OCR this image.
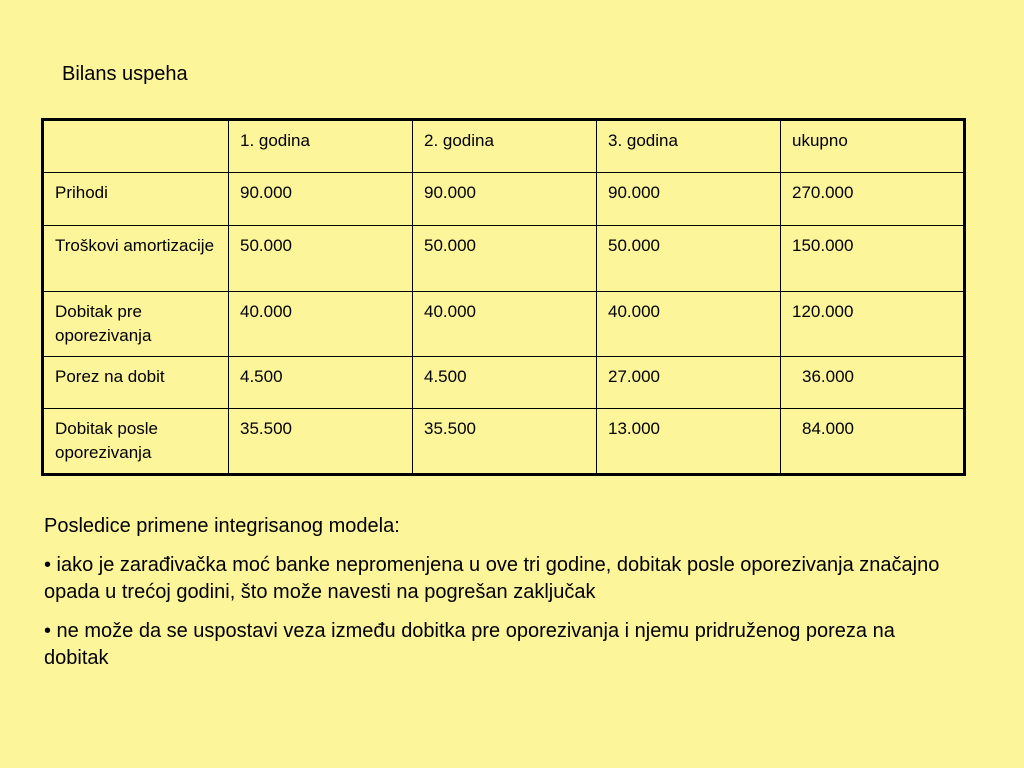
Bilans uspeha
	1. godina	2. godina	3. godina	ukupno
Prihodi	90.000	90.000	90.000	270.000
Troškovi amortizacije	50.000	50.000	50.000	150.000
Dobitak pre oporezivanja	40.000	40.000	40.000	120.000
Porez na dobit	4.500	4.500	27.000	36.000
Dobitak posle oporezivanja	35.500	35.500	13.000	84.000

Posledice primene integrisanog modela:

• iako je zarađivačka moć banke nepromenjena u ove tri godine, dobitak posle oporezivanja značajno opada u trećoj godini, što može navesti na pogrešan zaključak

• ne može da se uspostavi veza između dobitka pre oporezivanja i njemu pridruženog poreza na dobitak
